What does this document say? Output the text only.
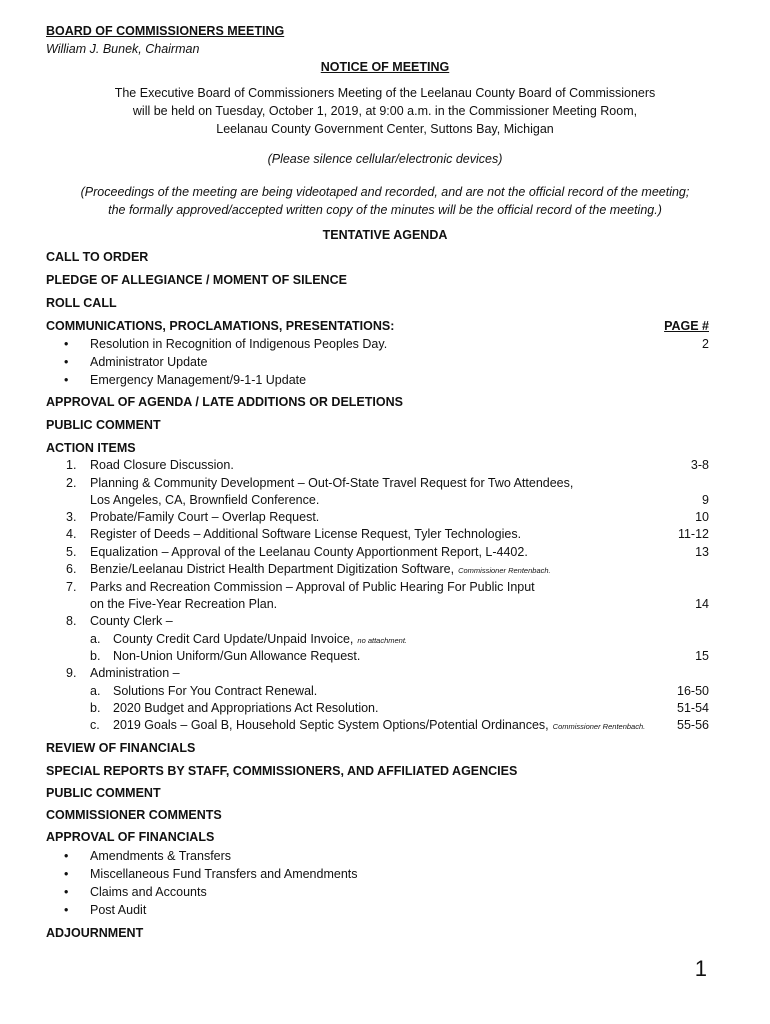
BOARD OF COMMISSIONERS MEETING
William J. Bunek, Chairman
NOTICE OF MEETING
The Executive Board of Commissioners Meeting of the Leelanau County Board of Commissioners
will be held on Tuesday, October 1, 2019, at 9:00 a.m. in the Commissioner Meeting Room,
Leelanau County Government Center, Suttons Bay, Michigan
(Please silence cellular/electronic devices)
(Proceedings of the meeting are being videotaped and recorded, and are not the official record of the meeting;
the formally approved/accepted written copy of the minutes will be the official record of the meeting.)
TENTATIVE AGENDA
CALL TO ORDER
PLEDGE OF ALLEGIANCE / MOMENT OF SILENCE
ROLL CALL
COMMUNICATIONS, PROCLAMATIONS, PRESENTATIONS:	PAGE #
• Resolution in Recognition of Indigenous Peoples Day.	2
• Administrator Update
• Emergency Management/9-1-1 Update
APPROVAL OF AGENDA / LATE ADDITIONS OR DELETIONS
PUBLIC COMMENT
ACTION ITEMS
1. Road Closure Discussion.	3-8
2. Planning & Community Development – Out-Of-State Travel Request for Two Attendees,
Los Angeles, CA, Brownfield Conference.	9
3. Probate/Family Court – Overlap Request.	10
4. Register of Deeds – Additional Software License Request, Tyler Technologies.	11-12
5. Equalization – Approval of the Leelanau County Apportionment Report, L-4402.	13
6. Benzie/Leelanau District Health Department Digitization Software, Commissioner Rentenbach.
7. Parks and Recreation Commission – Approval of Public Hearing For Public Input
on the Five-Year Recreation Plan.	14
8. County Clerk –
a. County Credit Card Update/Unpaid Invoice, no attachment.
b. Non-Union Uniform/Gun Allowance Request.	15
9. Administration –
a. Solutions For You Contract Renewal.	16-50
b. 2020 Budget and Appropriations Act Resolution.	51-54
c. 2019 Goals – Goal B, Household Septic System Options/Potential Ordinances, Commissioner Rentenbach.	55-56
REVIEW OF FINANCIALS
SPECIAL REPORTS BY STAFF, COMMISSIONERS, AND AFFILIATED AGENCIES
PUBLIC COMMENT
COMMISSIONER COMMENTS
APPROVAL OF FINANCIALS
• Amendments & Transfers
• Miscellaneous Fund Transfers and Amendments
• Claims and Accounts
• Post Audit
ADJOURNMENT
1
